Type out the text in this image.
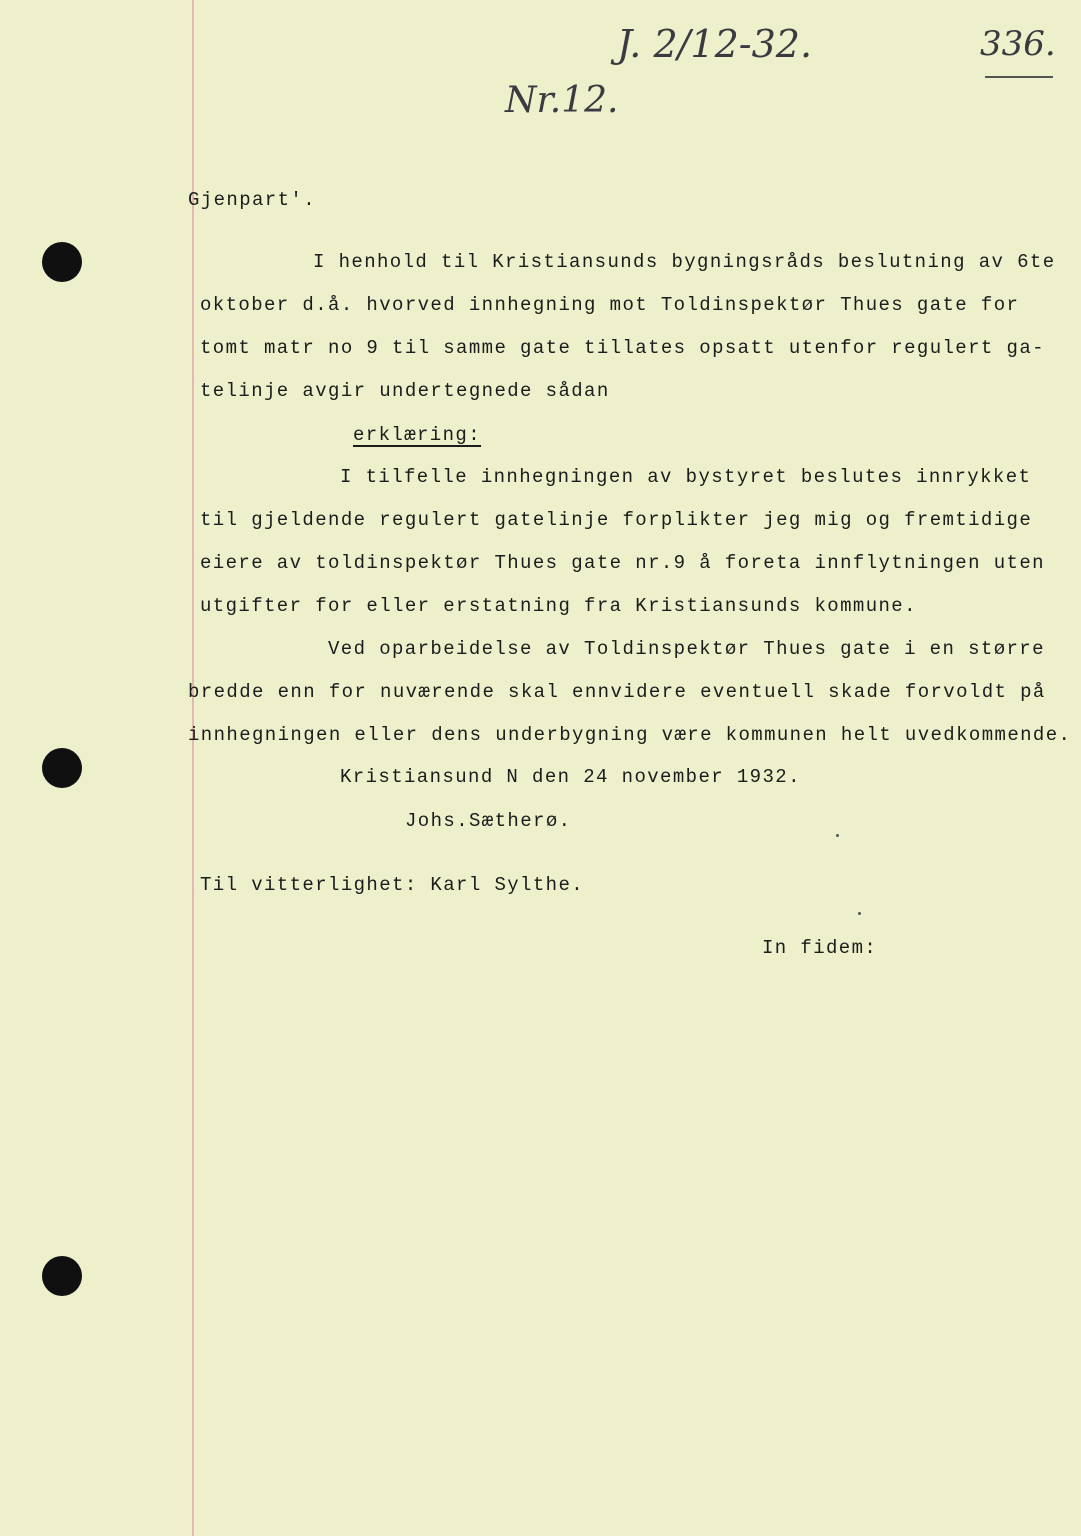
J. 2/12-32.	336.
Nr.12.
Gjenpart'.
I henhold til Kristiansunds bygningsråds beslutning av 6te
oktober d.å. hvorved innhegning mot Toldinspektør Thues gate for
tomt matr no 9 til samme gate tillates opsatt utenfor regulert ga-
telinje avgir undertegnede sådan
erklæring:
I tilfelle innhegningen av bystyret beslutes innrykket
til gjeldende regulert gatelinje forplikter jeg mig og fremtidige
eiere av toldinspektør Thues gate nr.9 å foreta innflytningen uten
utgifter for eller erstatning fra Kristiansunds kommune.
Ved oparbeidelse av Toldinspektør Thues gate i en større
bredde enn for nuværende skal ennvidere eventuell skade forvoldt på
innhegningen eller dens underbygning være kommunen helt uvedkommende.
Kristiansund N den 24 november 1932.
Johs.Sætherø.
Til vitterlighet: Karl Sylthe.
In fidem:
